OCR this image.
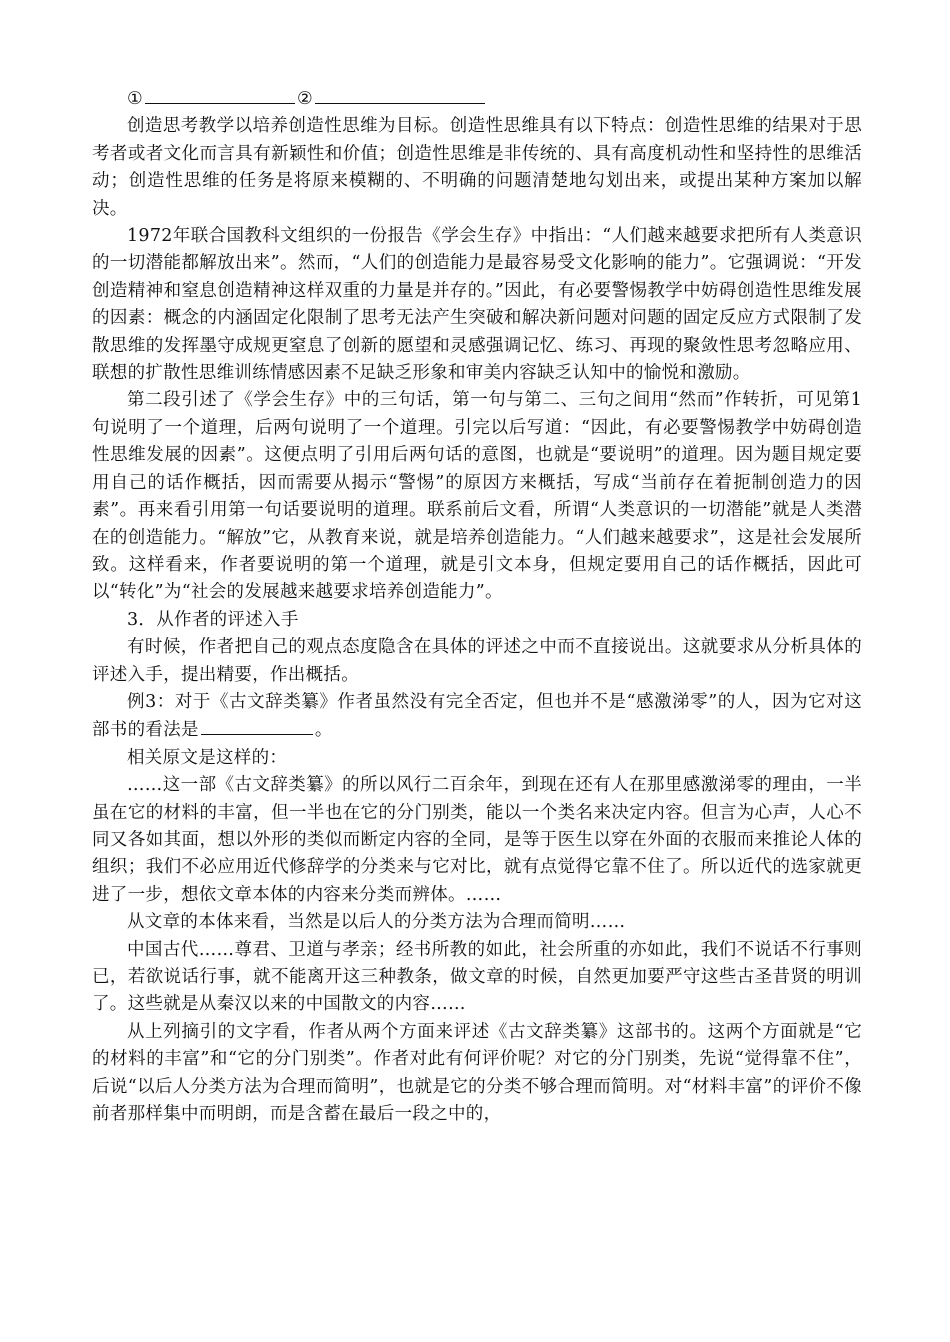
①	②

创造思考教学以培养创造性思维为目标。创造性思维具有以下特点：创造性思维的结果对于思考者或者文化而言具有新颖性和价值；创造性思维是非传统的、具有高度机动性和坚持性的思维活动；创造性思维的任务是将原来模糊的、不明确的问题清楚地勾划出来，或提出某种方案加以解决。

1972年联合国教科文组织的一份报告《学会生存》中指出：“人们越来越要求把所有人类意识的一切潜能都解放出来”。然而，“人们的创造能力是最容易受文化影响的能力”。它强调说：“开发创造精神和窒息创造精神这样双重的力量是并存的。”因此，有必要警惕教学中妨碍创造性思维发展的因素：概念的内涵固定化限制了思考无法产生突破和解决新问题对问题的固定反应方式限制了发散思维的发挥墨守成规更窒息了创新的愿望和灵感强调记忆、练习、再现的聚敛性思考忽略应用、联想的扩散性思维训练情感因素不足缺乏形象和审美内容缺乏认知中的愉悦和激励。

第二段引述了《学会生存》中的三句话，第一句与第二、三句之间用“然而”作转折，可见第1句说明了一个道理，后两句说明了一个道理。引完以后写道：“因此，有必要警惕教学中妨碍创造性思维发展的因素”。这便点明了引用后两句话的意图，也就是“要说明”的道理。因为题目规定要用自己的话作概括，因而需要从揭示“警惕”的原因方来概括，写成“当前存在着扼制创造力的因素”。再来看引用第一句话要说明的道理。联系前后文看，所谓“人类意识的一切潜能”就是人类潜在的创造能力。“解放”它，从教育来说，就是培养创造能力。“人们越来越要求”，这是社会发展所致。这样看来，作者要说明的第一个道理，就是引文本身，但规定要用自己的话作概括，因此可以“转化”为“社会的发展越来越要求培养创造能力”。

3．从作者的评述入手

有时候，作者把自己的观点态度隐含在具体的评述之中而不直接说出。这就要求从分析具体的评述入手，提出精要，作出概括。

例3：对于《古文辞类纂》作者虽然没有完全否定，但也并不是“感激涕零”的人，因为它对这部书的看法是	。

相关原文是这样的：

……这一部《古文辞类纂》的所以风行二百余年，到现在还有人在那里感激涕零的理由，一半虽在它的材料的丰富，但一半也在它的分门别类，能以一个类名来决定内容。但言为心声，人心不同又各如其面，想以外形的类似而断定内容的全同，是等于医生以穿在外面的衣服而来推论人体的组织；我们不必应用近代修辞学的分类来与它对比，就有点觉得它靠不住了。所以近代的选家就更进了一步，想依文章本体的内容来分类而辨体。……

从文章的本体来看，当然是以后人的分类方法为合理而简明……

中国古代……尊君、卫道与孝亲；经书所教的如此，社会所重的亦如此，我们不说话不行事则已，若欲说话行事，就不能离开这三种教条，做文章的时候，自然更加要严守这些古圣昔贤的明训了。这些就是从秦汉以来的中国散文的内容……

从上列摘引的文字看，作者从两个方面来评述《古文辞类纂》这部书的。这两个方面就是“它的材料的丰富”和“它的分门别类”。作者对此有何评价呢？对它的分门别类，先说“觉得靠不住”，后说“以后人分类方法为合理而简明”，也就是它的分类不够合理而简明。对“材料丰富”的评价不像前者那样集中而明朗，而是含蓄在最后一段之中的，
